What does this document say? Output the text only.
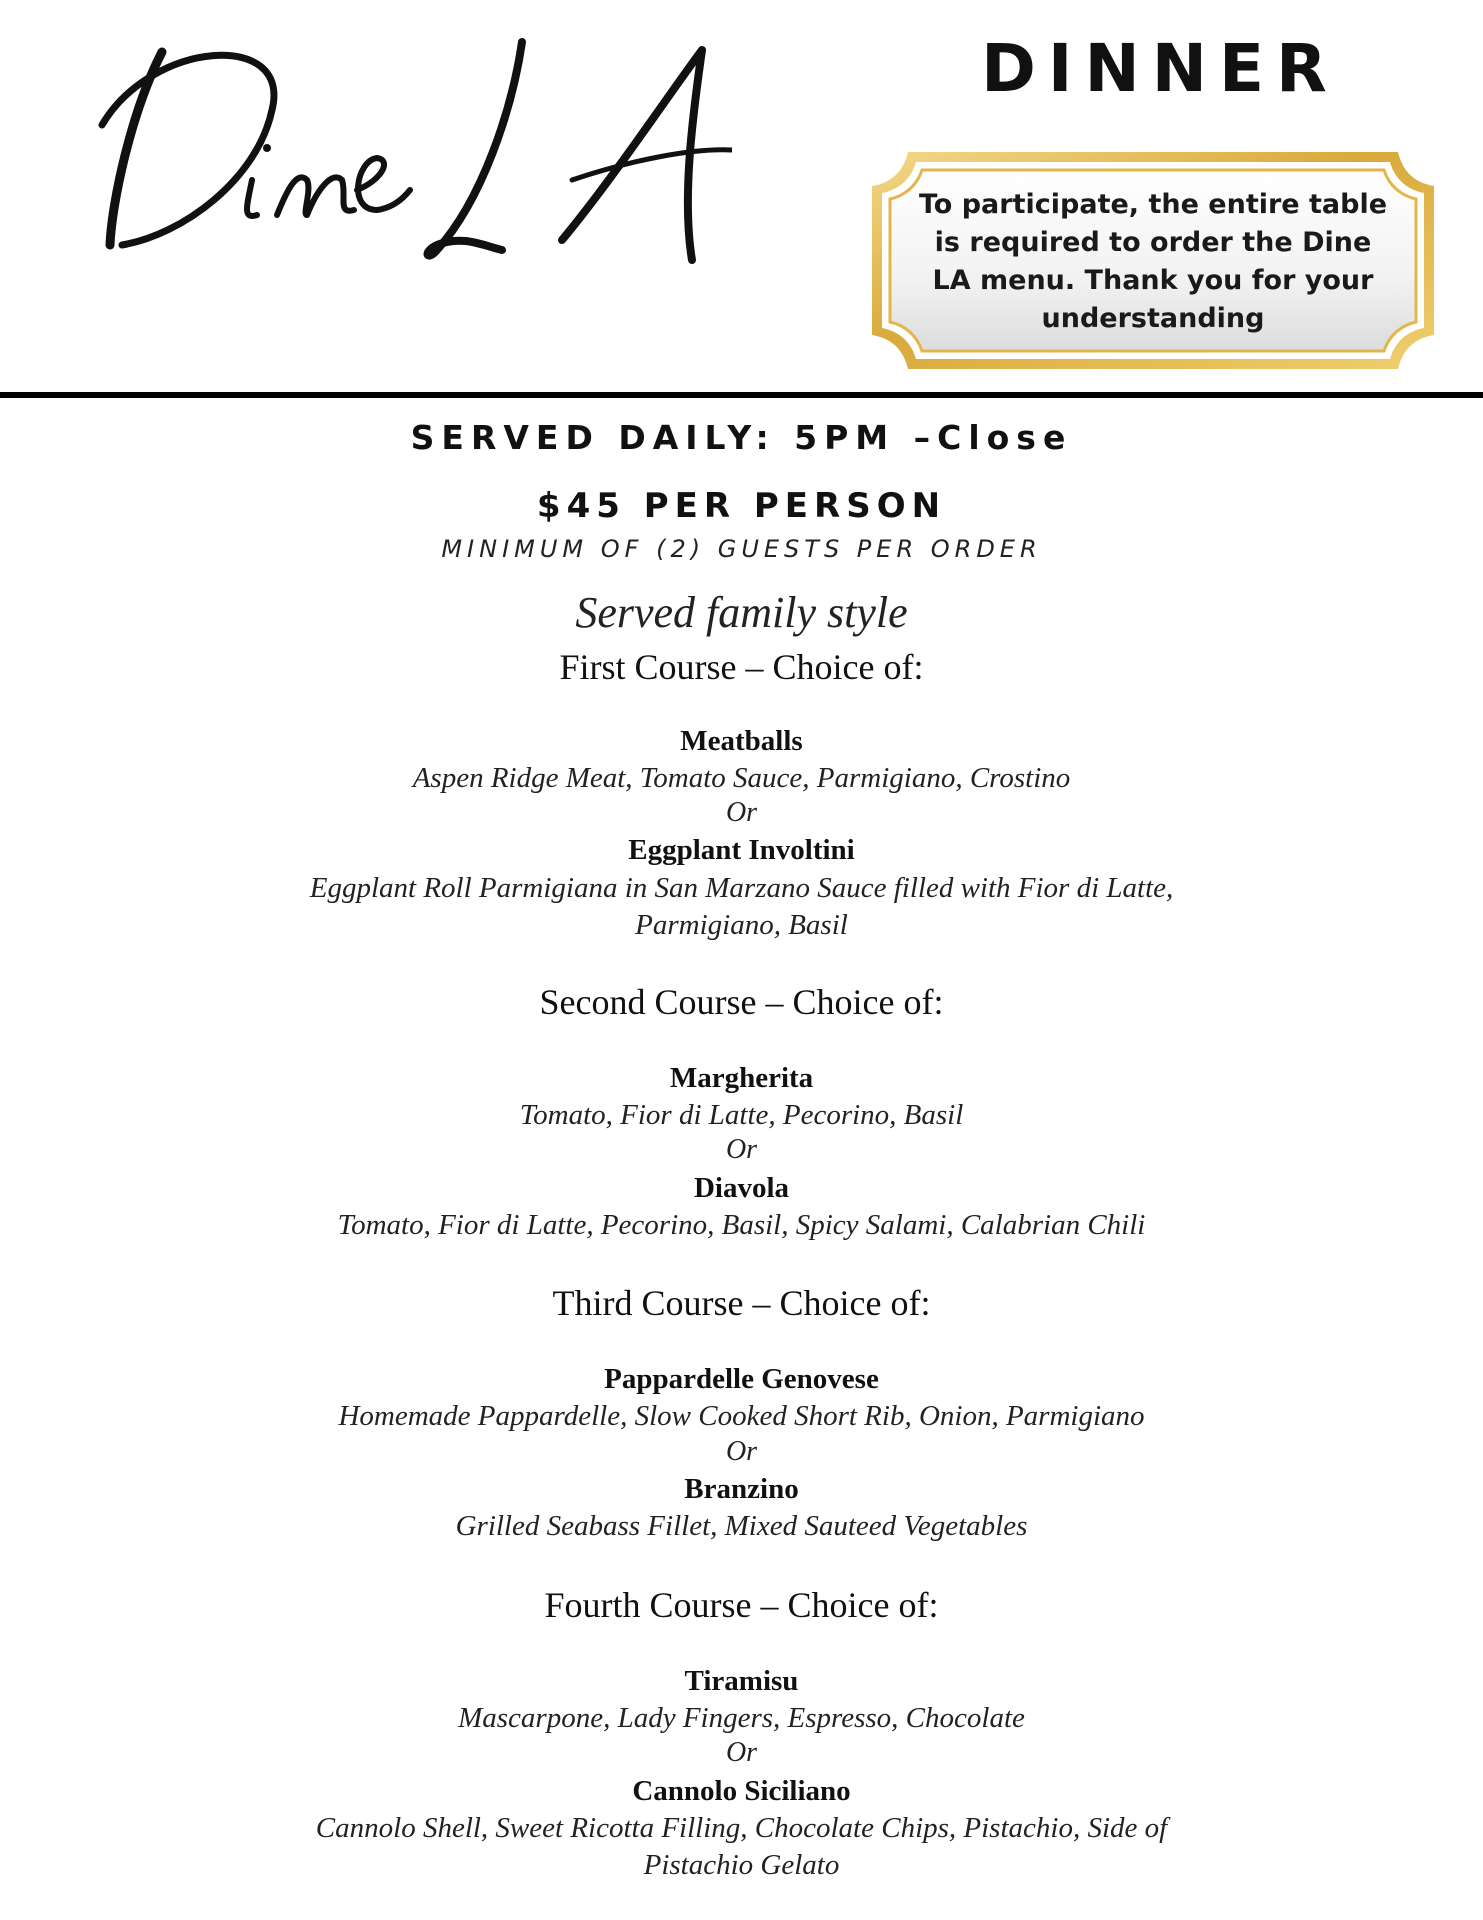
DINNER
To participate, the entire table is required to order the Dine LA menu. Thank you for your understanding
SERVED DAILY: 5PM –Close
$45 PER PERSON
MINIMUM OF (2) GUESTS PER ORDER
Served family style
First Course – Choice of:
Meatballs
Aspen Ridge Meat, Tomato Sauce, Parmigiano, Crostino
Or
Eggplant Involtini
Eggplant Roll Parmigiana in San Marzano Sauce filled with Fior di Latte, Parmigiano, Basil
Second Course – Choice of:
Margherita
Tomato, Fior di Latte, Pecorino, Basil
Or
Diavola
Tomato, Fior di Latte, Pecorino, Basil, Spicy Salami, Calabrian Chili
Third Course – Choice of:
Pappardelle Genovese
Homemade Pappardelle, Slow Cooked Short Rib, Onion, Parmigiano
Or
Branzino
Grilled Seabass Fillet, Mixed Sauteed Vegetables
Fourth Course – Choice of:
Tiramisu
Mascarpone, Lady Fingers, Espresso, Chocolate
Or
Cannolo Siciliano
Cannolo Shell, Sweet Ricotta Filling, Chocolate Chips, Pistachio, Side of Pistachio Gelato
